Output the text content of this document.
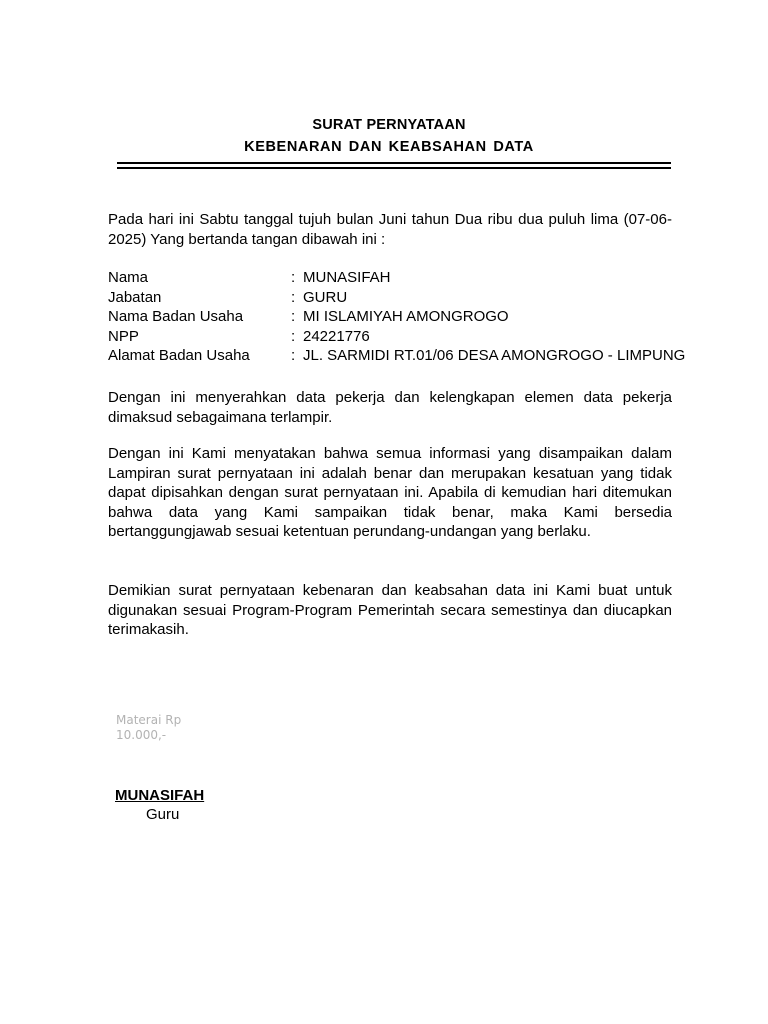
SURAT PERNYATAAN
KEBENARAN DAN KEABSAHAN DATA
Pada hari ini Sabtu tanggal tujuh bulan Juni tahun Dua ribu dua puluh lima (07-06-2025) Yang bertanda tangan dibawah ini :
Nama	: MUNASIFAH
Jabatan	: GURU
Nama Badan Usaha	: MI ISLAMIYAH AMONGROGO
NPP	: 24221776
Alamat Badan Usaha	: JL. SARMIDI RT.01/06 DESA AMONGROGO - LIMPUNG
Dengan ini menyerahkan data pekerja dan kelengkapan elemen data pekerja dimaksud sebagaimana terlampir.
Dengan ini Kami menyatakan bahwa semua informasi yang disampaikan dalam Lampiran surat pernyataan ini adalah benar dan merupakan kesatuan yang tidak dapat dipisahkan dengan surat pernyataan ini. Apabila di kemudian hari ditemukan bahwa data yang Kami sampaikan tidak benar, maka Kami bersedia bertanggungjawab sesuai ketentuan perundang-undangan yang berlaku.
Demikian surat pernyataan kebenaran dan keabsahan data ini Kami buat untuk digunakan sesuai Program-Program Pemerintah secara semestinya dan diucapkan terimakasih.
Materai Rp
10.000,-
MUNASIFAH
Guru
